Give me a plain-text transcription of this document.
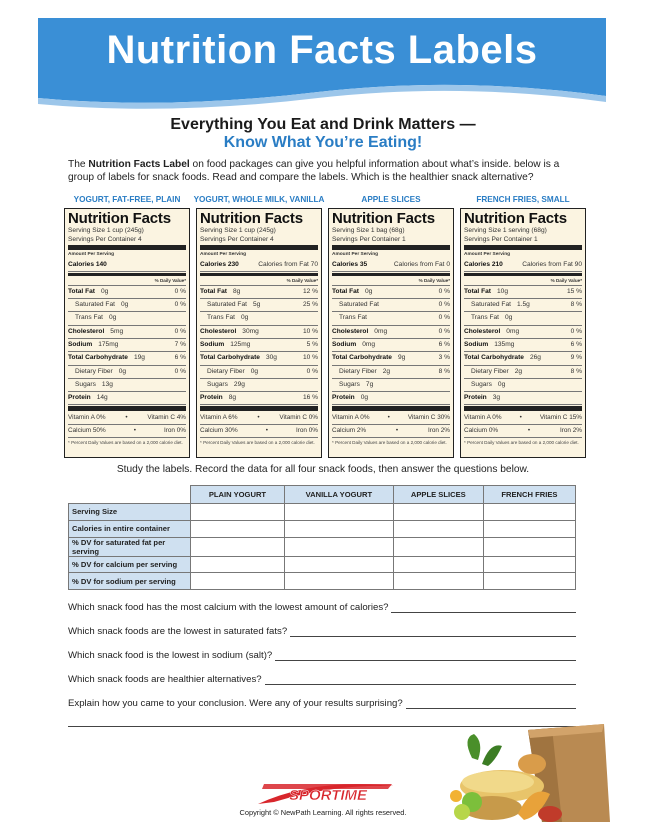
Nutrition Facts Labels
Everything You Eat and Drink Matters —
Know What You’re Eating!
The Nutrition Facts Label on food packages can give you helpful information about what’s inside. below is a group of labels for snack foods. Read and compare the labels. Which is the healthier snack alternative?
YOGURT, FAT-FREE, PLAIN
Nutrition Facts
Serving Size 1 cup (245g)
Servings Per Container 4
Amount Per Serving
Calories 140
% Daily Value*
Total Fat 0g	0 %
Saturated Fat 0g	0 %
Trans Fat 0g
Cholesterol 5mg	0 %
Sodium 175mg	7 %
Total Carbohydrate 19g	6 %
Dietary Fiber 0g	0 %
Sugars 13g
Protein 14g
Vitamin A 0%	•	Vitamin C 4%
Calcium 50%	•	Iron 0%
* Percent Daily Values are based on a 2,000 calorie diet.
YOGURT, WHOLE MILK, VANILLA
Nutrition Facts
Serving Size 1 cup (245g)
Servings Per Container 4
Amount Per Serving
Calories 230	Calories from Fat 70
% Daily Value*
Total Fat 8g	12 %
Saturated Fat 5g	25 %
Trans Fat 0g
Cholesterol 30mg	10 %
Sodium 125mg	5 %
Total Carbohydrate 30g	10 %
Dietary Fiber 0g	0 %
Sugars 29g
Protein 8g	16 %
Vitamin A 6%	•	Vitamin C 0%
Calcium 30%	•	Iron 0%
* Percent Daily Values are based on a 2,000 calorie diet.
APPLE SLICES
Nutrition Facts
Serving Size 1 bag (68g)
Servings Per Container 1
Amount Per Serving
Calories 35	Calories from Fat 0
% Daily Value*
Total Fat 0g	0 %
Saturated Fat	0 %
Trans Fat	0 %
Cholesterol 0mg	0 %
Sodium 0mg	6 %
Total Carbohydrate 9g	3 %
Dietary Fiber 2g	8 %
Sugars 7g
Protein 0g
Vitamin A 0%	•	Vitamin C 30%
Calcium 2%	•	Iron 2%
* Percent Daily Values are based on a 2,000 calorie diet.
FRENCH FRIES, SMALL
Nutrition Facts
Serving Size 1 serving (68g)
Servings Per Container 1
Amount Per Serving
Calories 210	Calories from Fat 90
% Daily Value*
Total Fat 10g	15 %
Saturated Fat 1.5g	8 %
Trans Fat 0g
Cholesterol 0mg	0 %
Sodium 135mg	6 %
Total Carbohydrate 26g	9 %
Dietary Fiber 2g	8 %
Sugars 0g
Protein 3g
Vitamin A 0%	•	Vitamin C 15%
Calcium 0%	•	Iron 2%
* Percent Daily Values are based on a 2,000 calorie diet.
Study the labels. Record the data for all four snack foods, then answer the questions below.
	PLAIN YOGURT	VANILLA YOGURT	APPLE SLICES	FRENCH FRIES
Serving Size				
Calories in entire container				
% DV for saturated fat per serving				
% DV for calcium per serving				
% DV for sodium per serving				
Which snack food has the most calcium with the lowest amount of calories?
Which snack foods are the lowest in saturated fats?
Which snack food is the lowest in sodium (salt)?
Which snack foods are healthier alternatives?
Explain how you came to your conclusion. Were any of your results surprising?
SPORTIME
Copyright © NewPath Learning. All rights reserved.
